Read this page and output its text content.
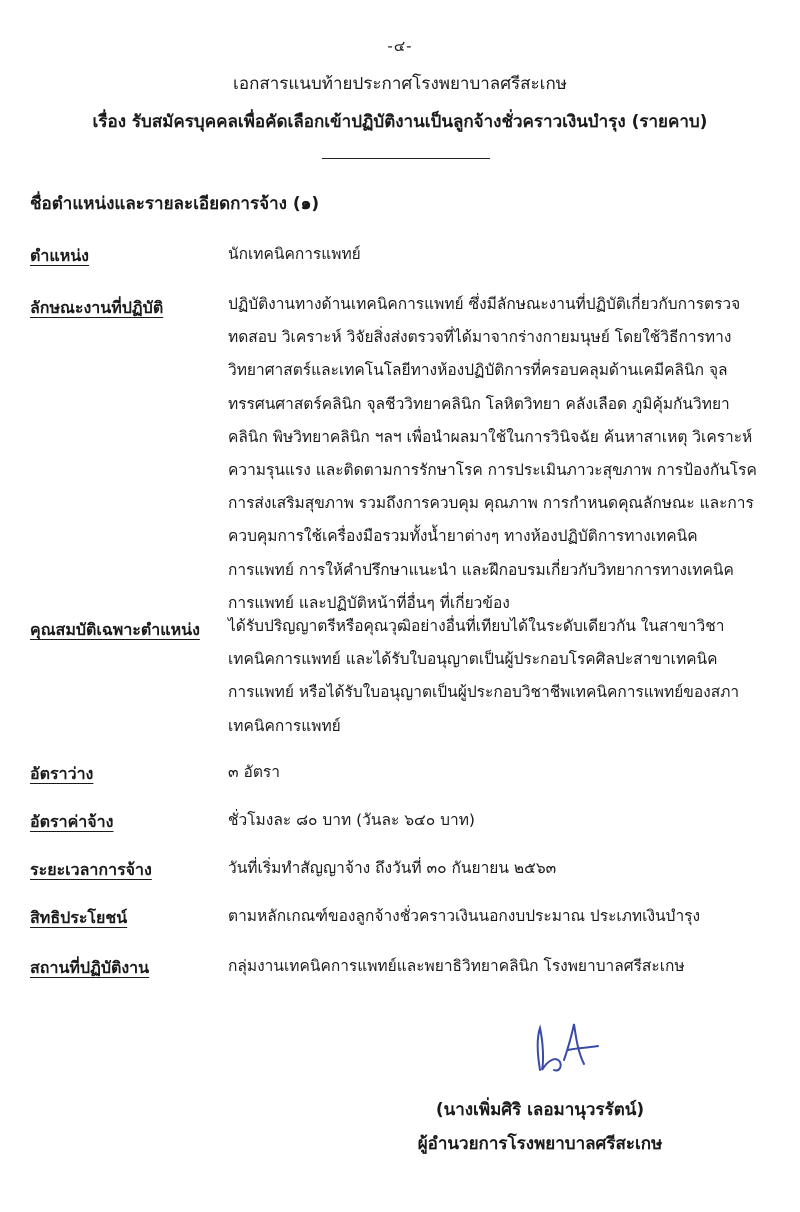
-๔-
เอกสารแนบท้ายประกาศโรงพยาบาลศรีสะเกษ
เรื่อง รับสมัครบุคคลเพื่อคัดเลือกเข้าปฏิบัติงานเป็นลูกจ้างชั่วคราวเงินบำรุง (รายคาบ)
ชื่อตำแหน่งและรายละเอียดการจ้าง (๑)
ตำแหน่ง	นักเทคนิคการแพทย์
ลักษณะงานที่ปฏิบัติ	ปฏิบัติงานทางด้านเทคนิคการแพทย์ ซึ่งมีลักษณะงานที่ปฏิบัติเกี่ยวกับการตรวจ
ทดสอบ วิเคราะห์ วิจัยสิ่งส่งตรวจที่ได้มาจากร่างกายมนุษย์ โดยใช้วิธีการทาง
วิทยาศาสตร์และเทคโนโลยีทางห้องปฏิบัติการที่ครอบคลุมด้านเคมีคลินิก จุล
ทรรศนศาสตร์คลินิก จุลชีววิทยาคลินิก โลหิตวิทยา คลังเลือด ภูมิคุ้มกันวิทยา
คลินิก พิษวิทยาคลินิก ฯลฯ เพื่อนำผลมาใช้ในการวินิจฉัย ค้นหาสาเหตุ วิเคราะห์
ความรุนแรง และติดตามการรักษาโรค การประเมินภาวะสุขภาพ การป้องกันโรค
การส่งเสริมสุขภาพ รวมถึงการควบคุม คุณภาพ การกำหนดคุณลักษณะ และการ
ควบคุมการใช้เครื่องมือรวมทั้งน้ำยาต่างๆ ทางห้องปฏิบัติการทางเทคนิค
การแพทย์ การให้คำปรึกษาแนะนำ และฝึกอบรมเกี่ยวกับวิทยาการทางเทคนิค
การแพทย์ และปฏิบัติหน้าที่อื่นๆ ที่เกี่ยวข้อง
คุณสมบัติเฉพาะตำแหน่ง ได้รับปริญญาตรีหรือคุณวุฒิอย่างอื่นที่เทียบได้ในระดับเดียวกัน ในสาขาวิชา
เทคนิคการแพทย์ และได้รับใบอนุญาตเป็นผู้ประกอบโรคศิลปะสาขาเทคนิค
การแพทย์ หรือได้รับใบอนุญาตเป็นผู้ประกอบวิชาชีพเทคนิคการแพทย์ของสภา
เทคนิคการแพทย์
อัตราว่าง	๓ อัตรา
อัตราค่าจ้าง	ชั่วโมงละ ๘๐ บาท (วันละ ๖๔๐ บาท)
ระยะเวลาการจ้าง	วันที่เริ่มทำสัญญาจ้าง ถึงวันที่ ๓๐ กันยายน ๒๕๖๓
สิทธิประโยชน์	ตามหลักเกณฑ์ของลูกจ้างชั่วคราวเงินนอกงบประมาณ ประเภทเงินบำรุง
สถานที่ปฏิบัติงาน	กลุ่มงานเทคนิคการแพทย์และพยาธิวิทยาคลินิก โรงพยาบาลศรีสะเกษ
(นางเพิ่มศิริ เลอมานุวรรัตน์)
ผู้อำนวยการโรงพยาบาลศรีสะเกษ
